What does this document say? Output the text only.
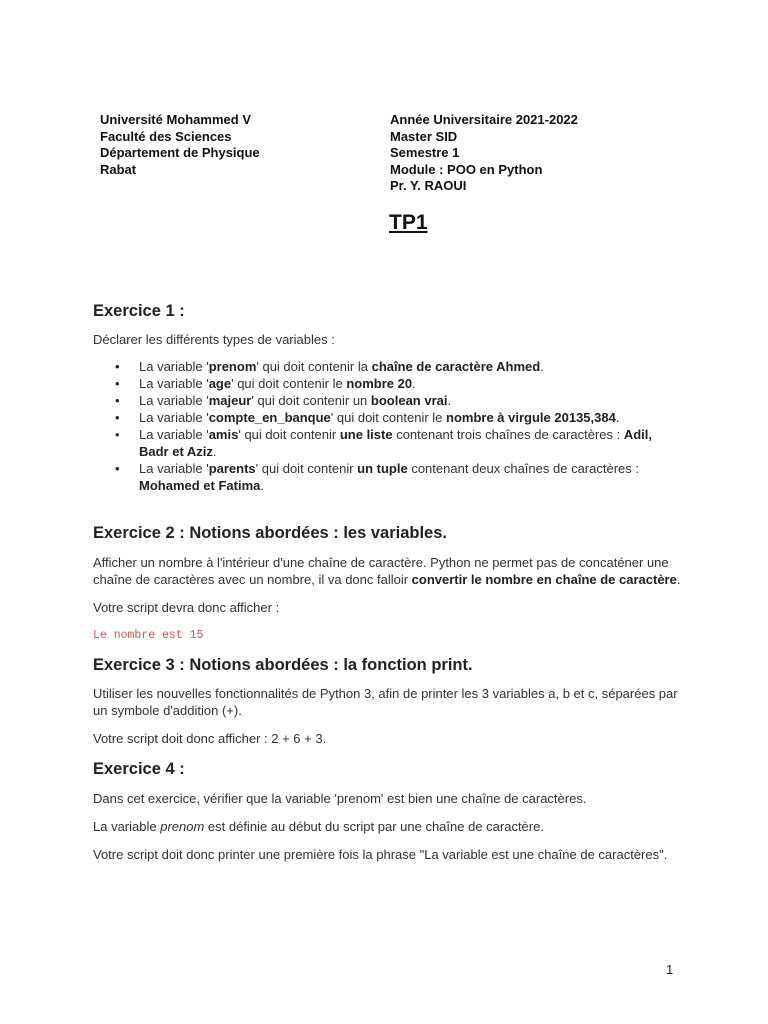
Université Mohammed V
Faculté des Sciences
Département de Physique
Rabat
Année Universitaire 2021-2022
Master SID
Semestre 1
Module : POO en Python
Pr. Y. RAOUI
TP1
Exercice 1 :

Déclarer les différents types de variables :

• La variable 'prenom' qui doit contenir la chaîne de caractère Ahmed.
• La variable 'age' qui doit contenir le nombre 20.
• La variable 'majeur' qui doit contenir un boolean vrai.
• La variable 'compte_en_banque' qui doit contenir le nombre à virgule 20135,384.
• La variable 'amis' qui doit contenir une liste contenant trois chaînes de caractères : Adil, Badr et Aziz.
• La variable 'parents' qui doit contenir un tuple contenant deux chaînes de caractères : Mohamed et Fatima.
Exercice 2 : Notions abordées : les variables.

Afficher un nombre à l'intérieur d'une chaîne de caractère. Python ne permet pas de concaténer une chaîne de caractères avec un nombre, il va donc falloir convertir le nombre en chaîne de caractère.

Votre script devra donc afficher :

Le nombre est 15

Exercice 3 : Notions abordées : la fonction print.

Utiliser les nouvelles fonctionnalités de Python 3, afin de printer les 3 variables a, b et c, séparées par un symbole d'addition (+).

Votre script doit donc afficher : 2 + 6 + 3.

Exercice 4 :

Dans cet exercice, vérifier que la variable 'prenom' est bien une chaîne de caractères.

La variable prenom est définie au début du script par une chaîne de caractère.

Votre script doit donc printer une première fois la phrase "La variable est une chaîne de caractères".

1
